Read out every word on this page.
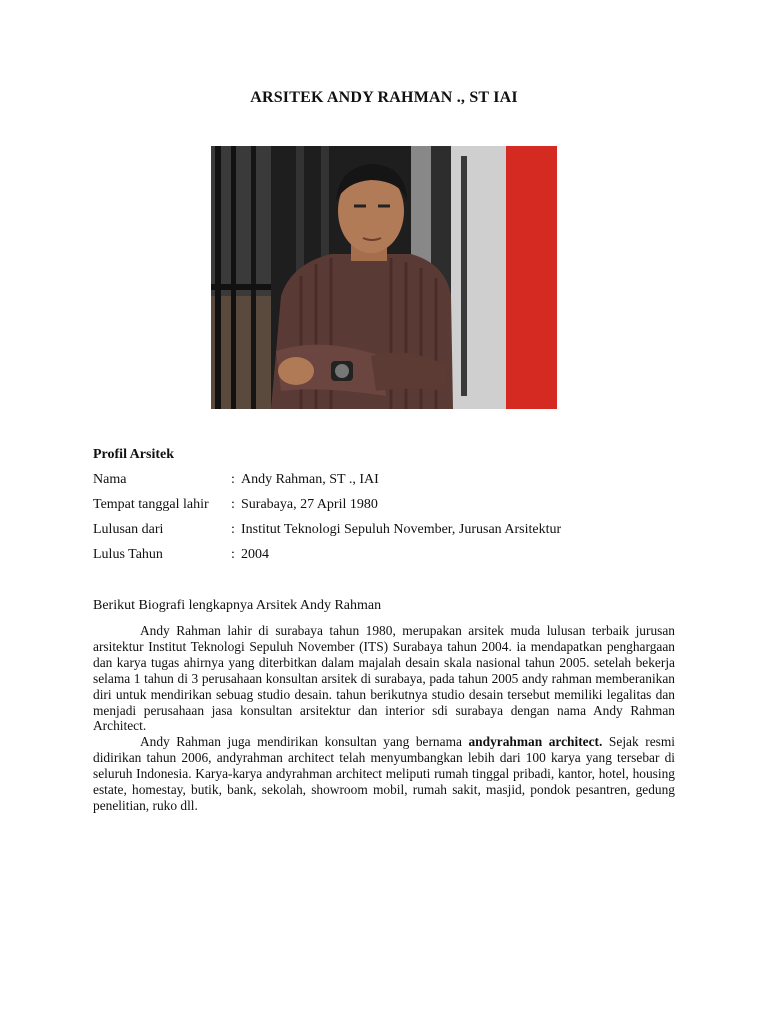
ARSITEK ANDY RAHMAN ., ST IAI
Profil Arsitek
Nama	: Andy Rahman, ST ., IAI
Tempat tanggal lahir	: Surabaya, 27 April 1980
Lulusan dari	: Institut Teknologi Sepuluh November, Jurusan Arsitektur
Lulus Tahun	: 2004
Berikut Biografi lengkapnya Arsitek Andy Rahman

Andy Rahman lahir di surabaya tahun 1980, merupakan arsitek muda lulusan terbaik jurusan arsitektur Institut Teknologi Sepuluh November (ITS) Surabaya tahun 2004. ia mendapatkan penghargaan dan karya tugas ahirnya yang diterbitkan dalam majalah desain skala nasional tahun 2005. setelah bekerja selama 1 tahun di 3 perusahaan konsultan arsitek di surabaya, pada tahun 2005 andy rahman memberanikan diri untuk mendirikan sebuag studio desain. tahun berikutnya studio desain tersebut memiliki legalitas dan menjadi perusahaan jasa konsultan arsitektur dan interior sdi surabaya dengan nama Andy Rahman Architect.

Andy Rahman juga mendirikan konsultan yang bernama andyrahman architect. Sejak resmi didirikan tahun 2006, andyrahman architect telah menyumbangkan lebih dari 100 karya yang tersebar di seluruh Indonesia. Karya-karya andyrahman architect meliputi rumah tinggal pribadi, kantor, hotel, housing estate, homestay, butik, bank, sekolah, showroom mobil, rumah sakit, masjid, pondok pesantren, gedung penelitian, ruko dll.
